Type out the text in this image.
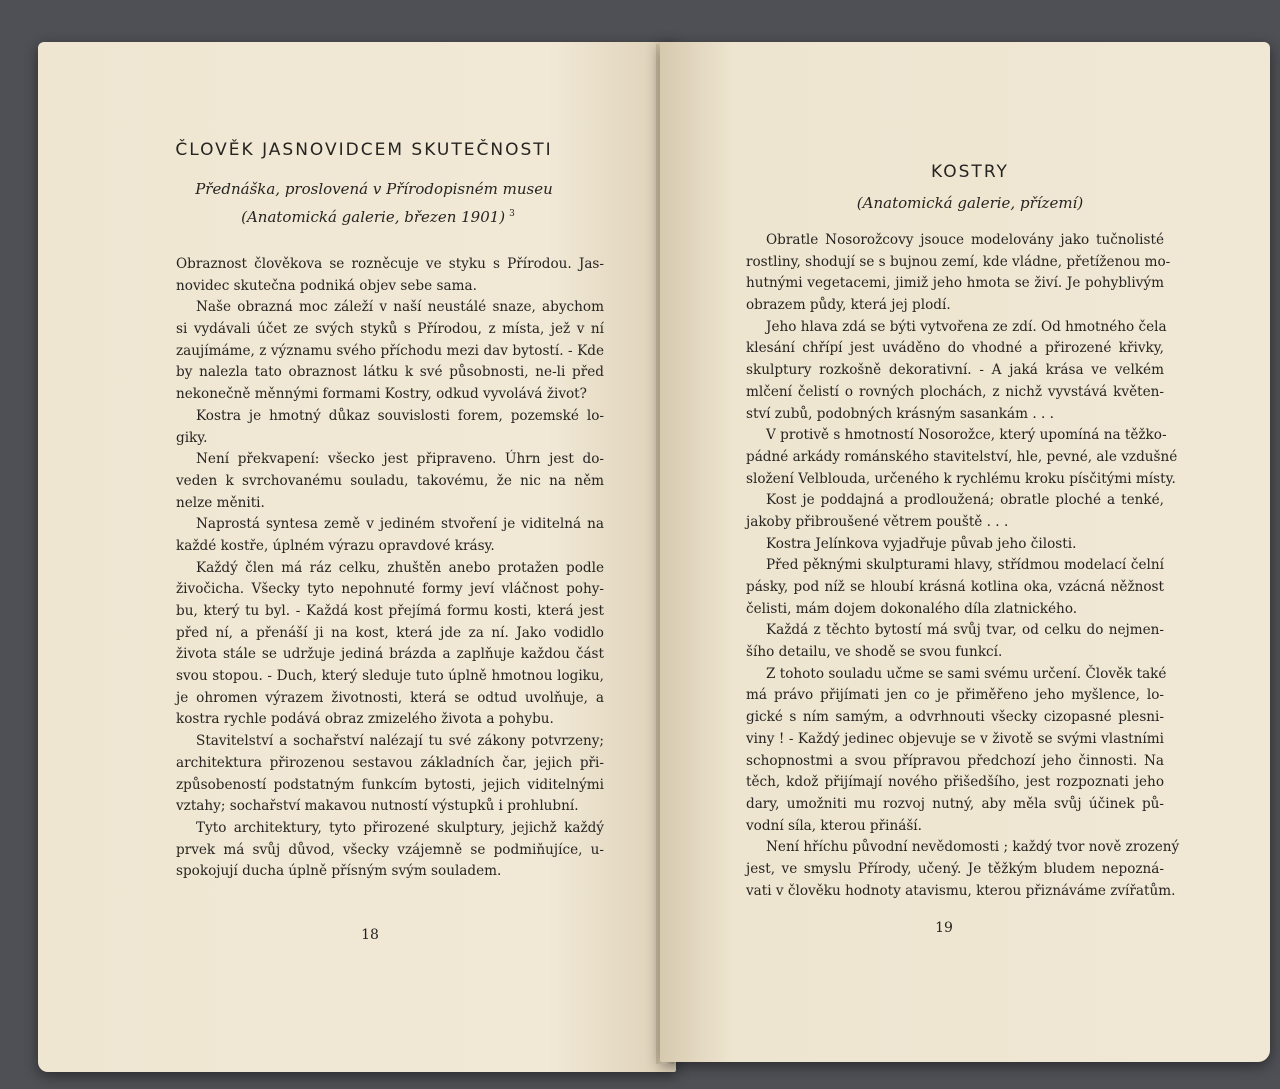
ČLOVĚK JASNOVIDCEM SKUTEČNOSTI
Přednáška, proslovená v Přírodopisném museu
(Anatomická galerie, březen 1901) $^3$
Obraznost člověkova se rozněcuje ve styku s Přírodou. Jas-
novidec skutečna podniká objev sebe sama.
Naše obrazná moc záleží v naší neustálé snaze, abychom
si vydávali účet ze svých styků s Přírodou, z místa, jež v ní
zaujímáme, z významu svého příchodu mezi dav bytostí. - Kde
by nalezla tato obraznost látku k své působnosti, ne-li před
nekonečně měnnými formami Kostry, odkud vyvolává život?
Kostra je hmotný důkaz souvislosti forem, pozemské lo-
giky.
Není překvapení: všecko jest připraveno. Úhrn jest do-
veden k svrchovanému souladu, takovému, že nic na něm
nelze měniti.
Naprostá syntesa země v jediném stvoření je viditelná na
každé kostře, úplném výrazu opravdové krásy.
Každý člen má ráz celku, zhuštěn anebo protažen podle
živočicha. Všecky tyto nepohnuté formy jeví vláčnost pohy-
bu, který tu byl. - Každá kost přejímá formu kosti, která jest
před ní, a přenáší ji na kost, která jde za ní. Jako vodidlo
života stále se udržuje jediná brázda a zaplňuje každou část
svou stopou. - Duch, který sleduje tuto úplně hmotnou logiku,
je ohromen výrazem životnosti, která se odtud uvolňuje, a
kostra rychle podává obraz zmizelého života a pohybu.
Stavitelství a sochařství nalézají tu své zákony potvrzeny;
architektura přirozenou sestavou základních čar, jejich při-
způsobeností podstatným funkcím bytosti, jejich viditelnými
vztahy; sochařství makavou nutností výstupků i prohlubní.
Tyto architektury, tyto přirozené skulptury, jejichž každý
prvek má svůj důvod, všecky vzájemně se podmiňujíce, u-
spokojují ducha úplně přísným svým souladem.
18
KOSTRY
(Anatomická galerie, přízemí)
Obratle Nosorožcovy jsouce modelovány jako tučnolisté
rostliny, shodují se s bujnou zemí, kde vládne, přetíženou mo-
hutnými vegetacemi, jimiž jeho hmota se živí. Je pohyblivým
obrazem půdy, která jej plodí.
Jeho hlava zdá se býti vytvořena ze zdí. Od hmotného čela
klesání chřípí jest uváděno do vhodné a přirozené křivky,
skulptury rozkošně dekorativní. - A jaká krása ve velkém
mlčení čelistí o rovných plochách, z nichž vyvstává květen-
ství zubů, podobných krásným sasankám . . .
V protivě s hmotností Nosorožce, který upomíná na těžko-
pádné arkády románského stavitelství, hle, pevné, ale vzdušné
složení Velblouda, určeného k rychlému kroku písčitými místy.
Kost je poddajná a prodloužená; obratle ploché a tenké,
jakoby přibroušené větrem pouště . . .
Kostra Jelínkova vyjadřuje půvab jeho čilosti.
Před pěknými skulpturami hlavy, střídmou modelací čelní
pásky, pod níž se hloubí krásná kotlina oka, vzácná něžnost
čelisti, mám dojem dokonalého díla zlatnického.
Každá z těchto bytostí má svůj tvar, od celku do nejmen-
šího detailu, ve shodě se svou funkcí.
Z tohoto souladu učme se sami svému určení. Člověk také
má právo přijímati jen co je přiměřeno jeho myšlence, lo-
gické s ním samým, a odvrhnouti všecky cizopasné plesni-
viny ! - Každý jedinec objevuje se v životě se svými vlastními
schopnostmi a svou přípravou předchozí jeho činnosti. Na
těch, kdož přijímají nového přišedšího, jest rozpoznati jeho
dary, umožniti mu rozvoj nutný, aby měla svůj účinek pů-
vodní síla, kterou přináší.
Není hříchu původní nevědomosti ; každý tvor nově zrozený
jest, ve smyslu Přírody, učený. Je těžkým bludem nepozná-
vati v člověku hodnoty atavismu, kterou přiznáváme zvířatům.
19
